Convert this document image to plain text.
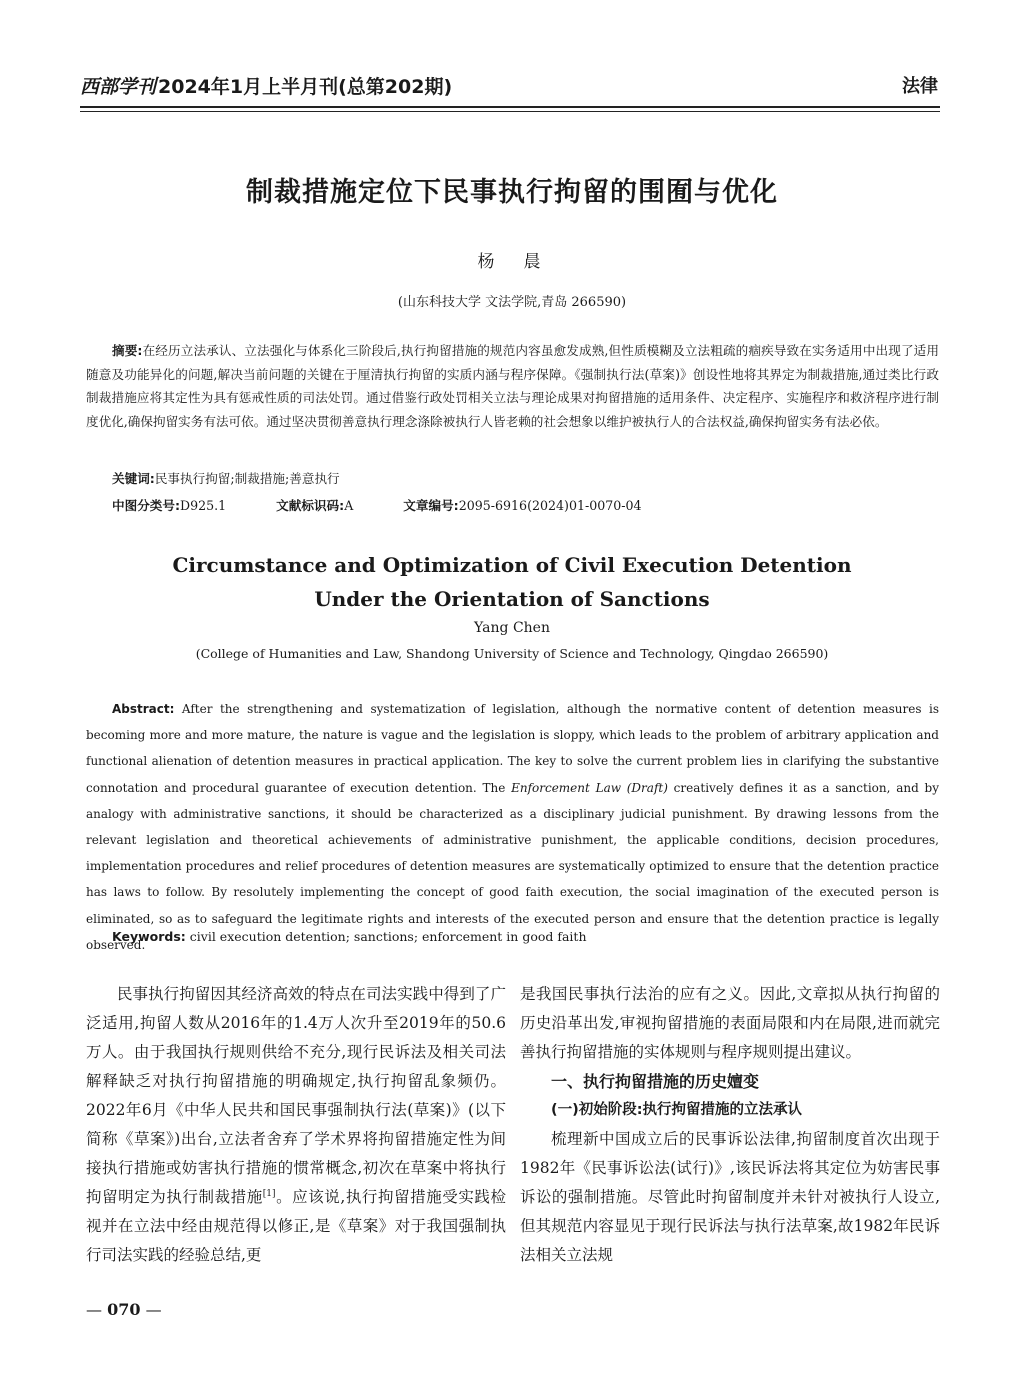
西部学刊 2024年1月上半月刊(总第202期)	法律
制裁措施定位下民事执行拘留的围囿与优化
杨　晨
(山东科技大学 文法学院,青岛 266590)
摘要:在经历立法承认、立法强化与体系化三阶段后,执行拘留措施的规范内容虽愈发成熟,但性质模糊及立法粗疏的痼疾导致在实务适用中出现了适用随意及功能异化的问题,解决当前问题的关键在于厘清执行拘留的实质内涵与程序保障。《强制执行法(草案)》创设性地将其界定为制裁措施,通过类比行政制裁措施应将其定性为具有惩戒性质的司法处罚。通过借鉴行政处罚相关立法与理论成果对拘留措施的适用条件、决定程序、实施程序和救济程序进行制度优化,确保拘留实务有法可依。通过坚决贯彻善意执行理念涤除被执行人皆老赖的社会想象以维护被执行人的合法权益,确保拘留实务有法必依。
关键词:民事执行拘留;制裁措施;善意执行
中图分类号:D925.1	文献标识码:A	文章编号:2095-6916(2024)01-0070-04
Circumstance and Optimization of Civil Execution Detention
Under the Orientation of Sanctions
Yang Chen
(College of Humanities and Law, Shandong University of Science and Technology, Qingdao 266590)
Abstract: After the strengthening and systematization of legislation, although the normative content of detention measures is becoming more and more mature, the nature is vague and the legislation is sloppy, which leads to the problem of arbitrary application and functional alienation of detention measures in practical application. The key to solve the current problem lies in clarifying the substantive connotation and procedural guarantee of execution detention. The Enforcement Law (Draft) creatively defines it as a sanction, and by analogy with administrative sanctions, it should be characterized as a disciplinary judicial punishment. By drawing lessons from the relevant legislation and theoretical achievements of administrative punishment, the applicable conditions, decision procedures, implementation procedures and relief procedures of detention measures are systematically optimized to ensure that the detention practice has laws to follow. By resolutely implementing the concept of good faith execution, the social imagination of the executed person is eliminated, so as to safeguard the legitimate rights and interests of the executed person and ensure that the detention practice is legally observed.
Keywords: civil execution detention; sanctions; enforcement in good faith

民事执行拘留因其经济高效的特点在司法实践中得到了广泛适用,拘留人数从2016年的1.4万人次升至2019年的50.6万人。由于我国执行规则供给不充分,现行民诉法及相关司法解释缺乏对执行拘留措施的明确规定,执行拘留乱象频仍。2022年6月《中华人民共和国民事强制执行法(草案)》(以下简称《草案》)出台,立法者舍弃了学术界将拘留措施定性为间接执行措施或妨害执行措施的惯常概念,初次在草案中将执行拘留明定为执行制裁措施[1]。应该说,执行拘留措施受实践检视并在立法中经由规范得以修正,是《草案》对于我国强制执行司法实践的经验总结,更

是我国民事执行法治的应有之义。因此,文章拟从执行拘留的历史沿革出发,审视拘留措施的表面局限和内在局限,进而就完善执行拘留措施的实体规则与程序规则提出建议。

一、执行拘留措施的历史嬗变
(一)初始阶段:执行拘留措施的立法承认

梳理新中国成立后的民事诉讼法律,拘留制度首次出现于1982年《民事诉讼法(试行)》,该民诉法将其定位为妨害民事诉讼的强制措施。尽管此时拘留制度并未针对被执行人设立,但其规范内容显见于现行民诉法与执行法草案,故1982年民诉法相关立法规

— 070 —
